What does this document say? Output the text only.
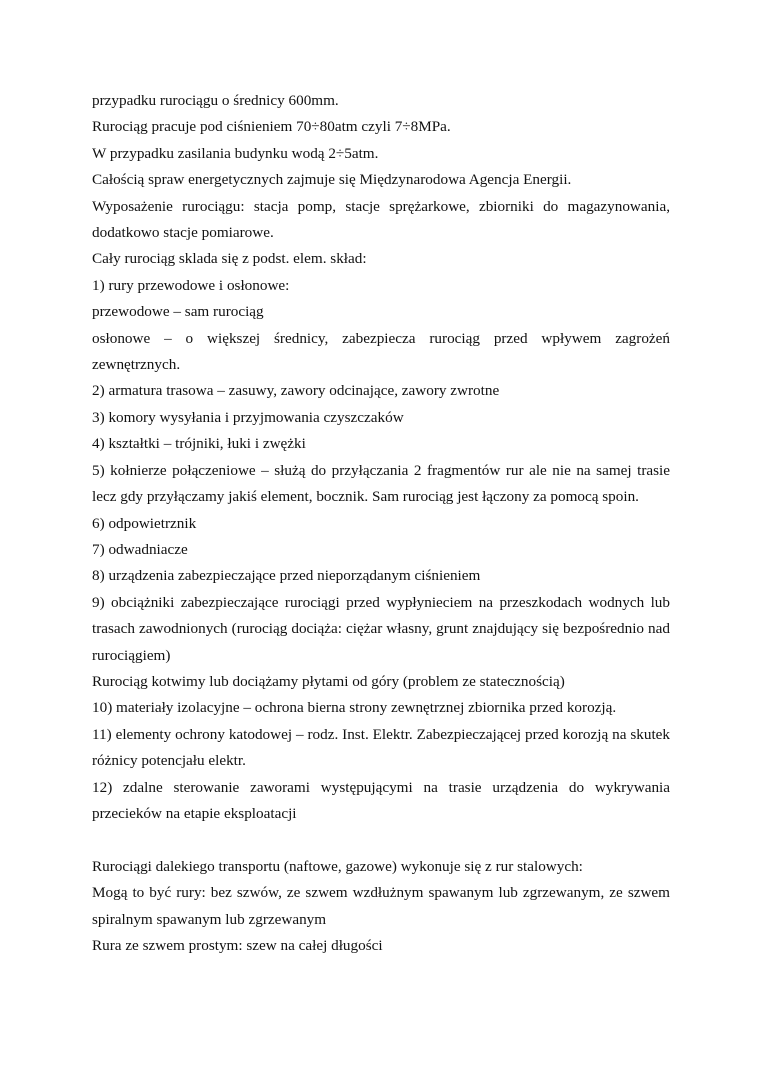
przypadku rurociągu o średnicy 600mm.

Rurociąg pracuje pod ciśnieniem 70÷80atm czyli 7÷8MPa.

W przypadku zasilania budynku wodą 2÷5atm.

Całością spraw energetycznych zajmuje się Międzynarodowa Agencja Energii.

Wyposażenie rurociągu: stacja pomp, stacje sprężarkowe, zbiorniki do magazynowania, dodatkowo stacje pomiarowe.

Cały rurociąg sklada się z podst. elem. skład:

1) rury przewodowe i osłonowe:

przewodowe – sam rurociąg

osłonowe – o większej średnicy, zabezpiecza rurociąg przed wpływem zagrożeń zewnętrznych.

2) armatura trasowa – zasuwy, zawory odcinające, zawory zwrotne

3) komory wysyłania i przyjmowania czyszczaków

4) kształtki – trójniki, łuki i zwężki

5) kołnierze połączeniowe – służą do przyłączania 2 fragmentów rur ale nie na samej trasie lecz gdy przyłączamy jakiś element, bocznik. Sam rurociąg jest łączony za pomocą spoin.

6) odpowietrznik

7) odwadniacze

8) urządzenia zabezpieczające przed nieporządanym ciśnieniem

9) obciążniki zabezpieczające rurociągi przed wypłynieciem na przeszkodach wodnych lub trasach zawodnionych (rurociąg dociąża: ciężar własny, grunt znajdujący się bezpośrednio nad rurociągiem)

Rurociąg kotwimy lub dociążamy płytami od góry (problem ze statecznością)

10) materiały izolacyjne – ochrona bierna strony zewnętrznej zbiornika przed korozją.

11) elementy ochrony katodowej – rodz. Inst. Elektr. Zabezpieczającej przed korozją na skutek różnicy potencjału elektr.

12) zdalne sterowanie zaworami występującymi na trasie urządzenia do wykrywania przecieków na etapie eksploatacji

Rurociągi dalekiego transportu (naftowe, gazowe) wykonuje się z rur stalowych:

Mogą to być rury: bez szwów, ze szwem wzdłużnym spawanym lub zgrzewanym, ze szwem spiralnym spawanym lub zgrzewanym

Rura ze szwem prostym: szew na całej długości
